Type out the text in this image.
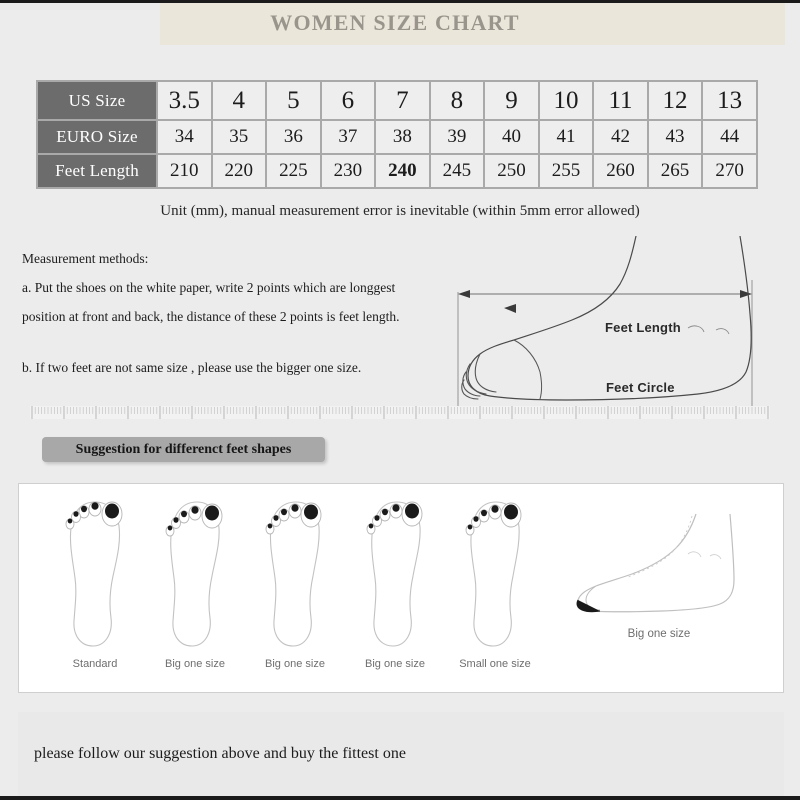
WOMEN SIZE CHART
US Size	3.5	4	5	6	7	8	9	10	11	12	13
EURO Size	34	35	36	37	38	39	40	41	42	43	44
Feet Length	210	220	225	230	240	245	250	255	260	265	270
Unit (mm), manual measurement error is inevitable (within 5mm error allowed)
Measurement methods:
a. Put the shoes on the white paper, write 2 points which are longgest
position at front and back, the distance of these 2 points is feet length.
b. If two feet are not same size , please use the bigger one size.
Feet Length
Feet Circle
Suggestion for differenct feet shapes
Standard	Big one size	Big one size	Big one size	Small one size
Big one size
please follow our suggestion above and buy the fittest one
